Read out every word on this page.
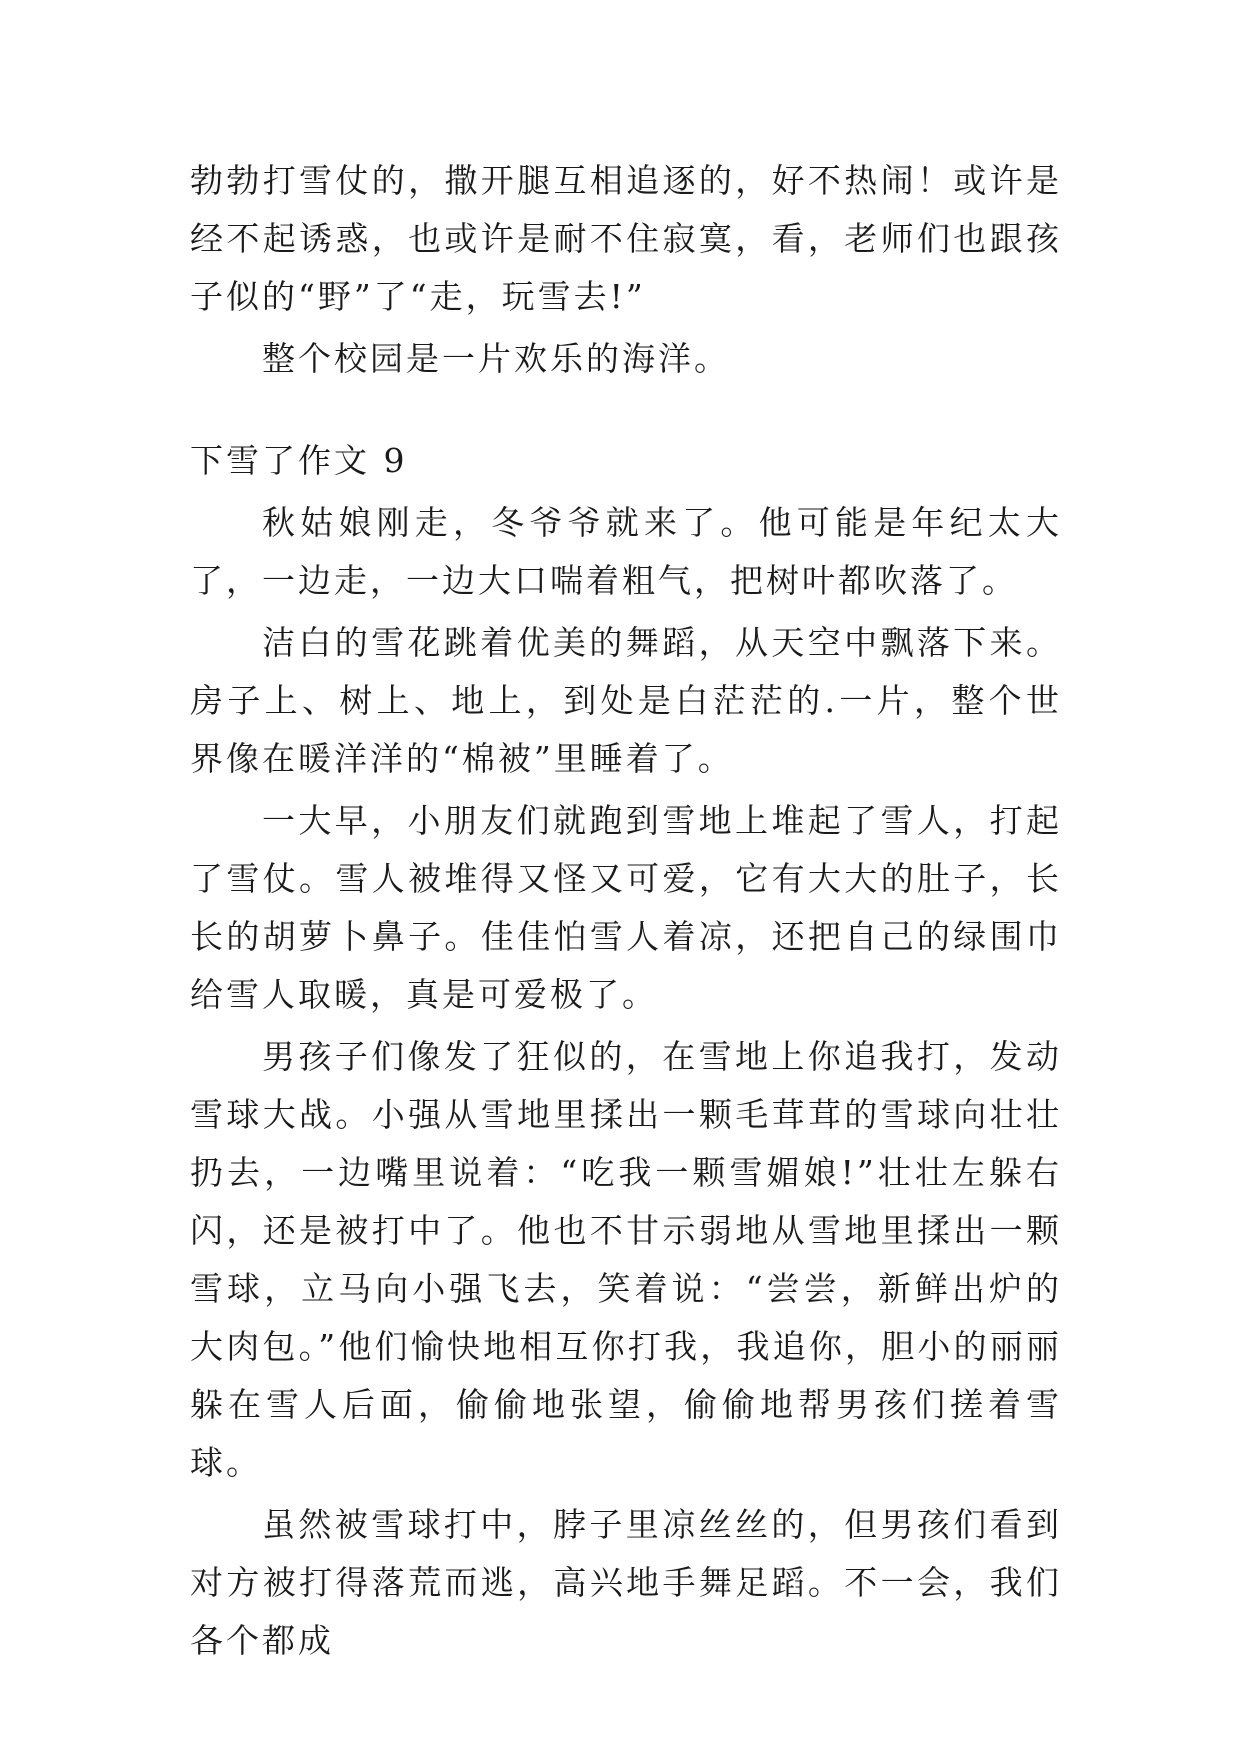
勃勃打雪仗的，撒开腿互相追逐的，好不热闹！或许是经不起诱惑，也或许是耐不住寂寞，看，老师们也跟孩子似的“野”了“走，玩雪去!”

整个校园是一片欢乐的海洋。

下雪了作文 9

秋姑娘刚走，冬爷爷就来了。他可能是年纪太大了，一边走，一边大口喘着粗气，把树叶都吹落了。

洁白的雪花跳着优美的舞蹈，从天空中飘落下来。房子上、树上、地上，到处是白茫茫的.一片，整个世界像在暖洋洋的“棉被”里睡着了。

一大早，小朋友们就跑到雪地上堆起了雪人，打起了雪仗。雪人被堆得又怪又可爱，它有大大的肚子，长长的胡萝卜鼻子。佳佳怕雪人着凉，还把自己的绿围巾给雪人取暖，真是可爱极了。

男孩子们像发了狂似的，在雪地上你追我打，发动雪球大战。小强从雪地里揉出一颗毛茸茸的雪球向壮壮扔去，一边嘴里说着：“吃我一颗雪媚娘!”壮壮左躲右闪，还是被打中了。他也不甘示弱地从雪地里揉出一颗雪球，立马向小强飞去，笑着说：“尝尝，新鲜出炉的大肉包。”他们愉快地相互你打我，我追你，胆小的丽丽躲在雪人后面，偷偷地张望，偷偷地帮男孩们搓着雪球。

虽然被雪球打中，脖子里凉丝丝的，但男孩们看到对方被打得落荒而逃，高兴地手舞足蹈。不一会，我们各个都成
